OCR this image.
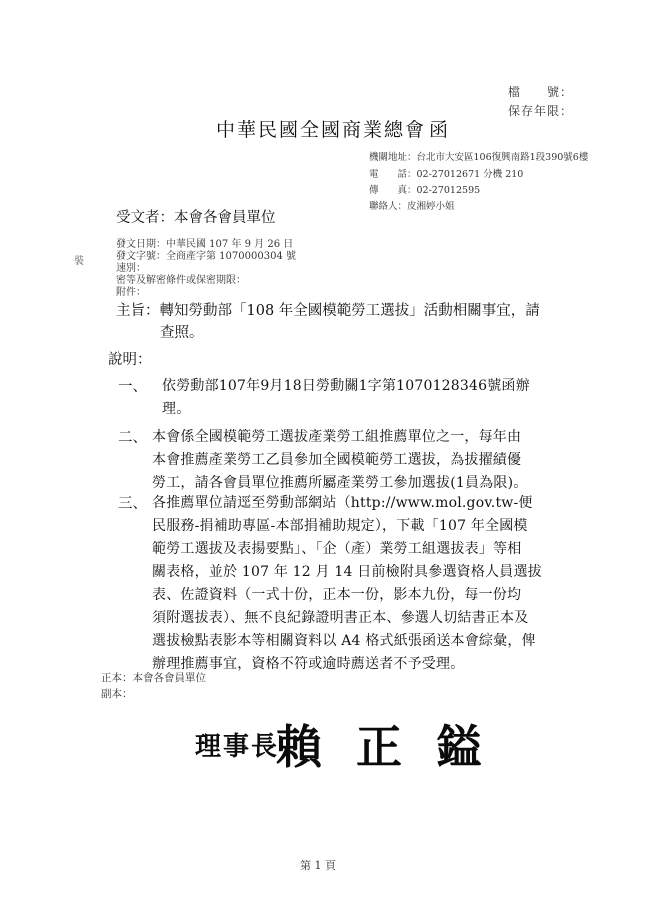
檔　　號：
保存年限：
中華民國全國商業總會 函
機關地址：台北市大安區106復興南路1段390號6樓
電　　話：02-27012671 分機 210
傳　　真：02-27012595
聯絡人：皮湘婷小姐
受文者：本會各會員單位
發文日期：中華民國 107 年 9 月 26 日
發文字號：全商產字第 1070000304 號
速別：
密等及解密條件或保密期限：
附件：
裝
主旨：轉知勞動部「108 年全國模範勞工選拔」活動相關事宜，請
查照。
說明：
一、 依勞動部107年9月18日勞動關1字第1070128346號函辦
理。
二、 本會係全國模範勞工選拔產業勞工組推薦單位之一，每年由
本會推薦產業勞工乙員參加全國模範勞工選拔，為拔擢績優
勞工，請各會員單位推薦所屬產業勞工參加選拔(1員為限)。
三、 各推薦單位請逕至勞動部網站（http://www.mol.gov.tw-便
民服務-捐補助專區-本部捐補助規定），下載「107 年全國模
範勞工選拔及表揚要點」、「企（產）業勞工組選拔表」等相
關表格，並於 107 年 12 月 14 日前檢附具參選資格人員選拔
表、佐證資料（一式十份，正本一份，影本九份，每一份均
須附選拔表）、無不良紀錄證明書正本、參選人切結書正本及
選拔檢點表影本等相關資料以 A4 格式紙張函送本會綜彙，俾
辦理推薦事宜，資格不符或逾時薦送者不予受理。
正本：本會各會員單位
副本：
理事長
賴正鎰
第 1 頁
